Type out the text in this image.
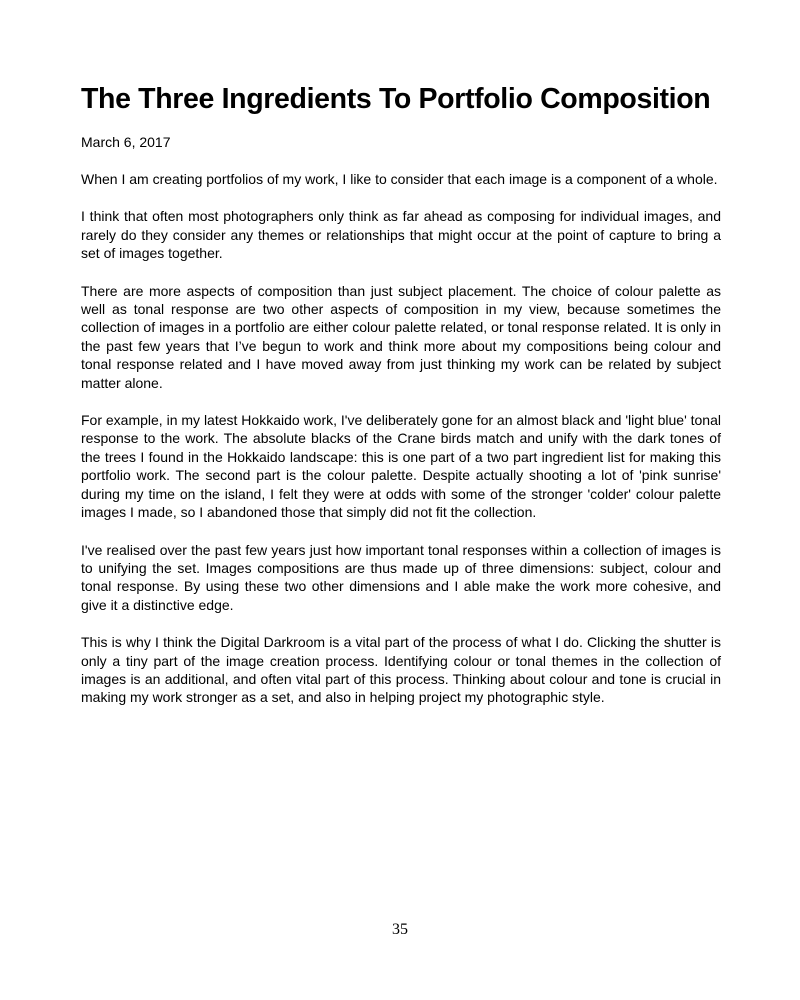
The Three Ingredients To Portfolio Composition

March 6, 2017

When I am creating portfolios of my work, I like to consider that each image is a component of a whole.

I think that often most photographers only think as far ahead as composing for individual images, and rarely do they consider any themes or relationships that might occur at the point of capture to bring a set of images together.

There are more aspects of composition than just subject placement. The choice of colour palette as well as tonal response are two other aspects of composition in my view, because sometimes the collection of images in a portfolio are either colour palette related, or tonal response related. It is only in the past few years that I’ve begun to work and think more about my compositions being colour and tonal response related and I have moved away from just thinking my work can be related by subject matter alone.

For example, in my latest Hokkaido work, I've deliberately gone for an almost black and 'light blue' tonal response to the work. The absolute blacks of the Crane birds match and unify with the dark tones of the trees I found in the Hokkaido landscape: this is one part of a two part ingredient list for making this portfolio work. The second part is the colour palette. Despite actually shooting a lot of 'pink sunrise' during my time on the island, I felt they were at odds with some of the stronger 'colder' colour palette images I made, so I abandoned those that simply did not fit the collection.

I've realised over the past few years just how important tonal responses within a collection of images is to unifying the set. Images compositions are thus made up of three dimensions: subject, colour and tonal response. By using these two other dimensions and I able make the work more cohesive, and give it a distinctive edge.

This is why I think the Digital Darkroom is a vital part of the process of what I do. Clicking the shutter is only a tiny part of the image creation process. Identifying colour or tonal themes in the collection of images is an additional, and often vital part of this process. Thinking about colour and tone is crucial in making my work stronger as a set, and also in helping project my photographic style.

35
